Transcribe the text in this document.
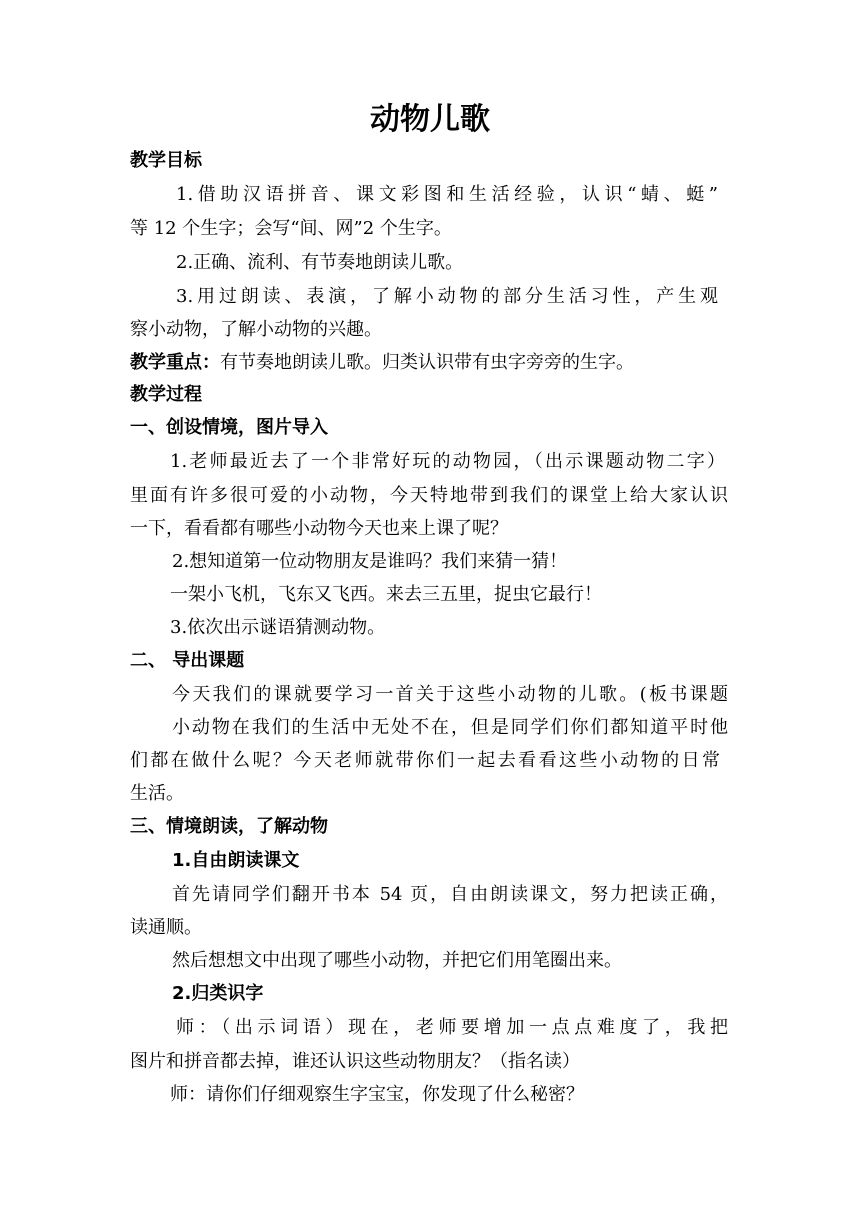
动物儿歌
教学目标
1.借助汉语拼音、课文彩图和生活经验，认识“蜻、蜓”
等 12 个生字；会写“间、网”2 个生字。
2.正确、流利、有节奏地朗读儿歌。
3.用过朗读、表演，了解小动物的部分生活习性，产生观
察小动物，了解小动物的兴趣。
教学重点：有节奏地朗读儿歌。归类认识带有虫字旁旁的生字。
教学过程
一、创设情境，图片导入
1.老师最近去了一个非常好玩的动物园，（出示课题动物二字）
里面有许多很可爱的小动物，今天特地带到我们的课堂上给大家认识
一下，看看都有哪些小动物今天也来上课了呢？
2.想知道第一位动物朋友是谁吗？我们来猜一猜！
一架小飞机，飞东又飞西。来去三五里，捉虫它最行！
3.依次出示谜语猜测动物。
二、 导出课题
今天我们的课就要学习一首关于这些小动物的儿歌。(板书课题
小动物在我们的生活中无处不在，但是同学们你们都知道平时他
们都在做什么呢？今天老师就带你们一起去看看这些小动物的日常
生活。
三、情境朗读，了解动物
1.自由朗读课文
首先请同学们翻开书本 54 页，自由朗读课文，努力把读正确，
读通顺。
然后想想文中出现了哪些小动物，并把它们用笔圈出来。
2.归类识字
师：（出示词语）现在，老师要增加一点点难度了，我把
图片和拼音都去掉，谁还认识这些动物朋友？（指名读）
师：请你们仔细观察生字宝宝，你发现了什么秘密？
